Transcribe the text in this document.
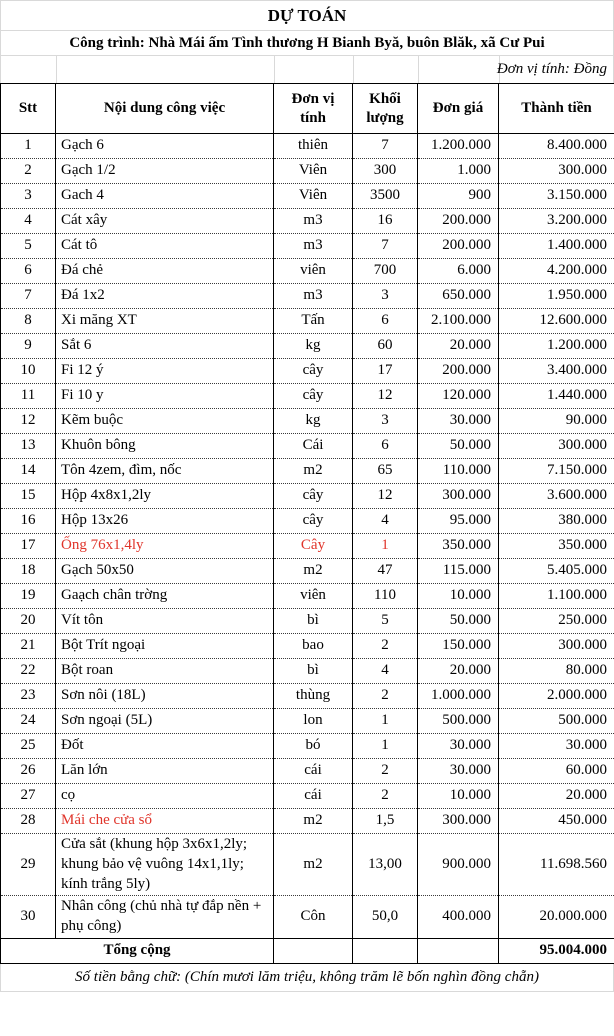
DỰ TOÁN
Công trình: Nhà Mái ấm Tình thương H Bianh Byă, buôn Blăk, xã Cư Pui
Đơn vị tính: Đồng
Stt	Nội dung công việc	Đơn vị tính	Khối lượng	Đơn giá	Thành tiền
1	Gạch 6	thiên	7	1.200.000	8.400.000
2	Gạch 1/2	Viên	300	1.000	300.000
3	Gach 4	Viên	3500	900	3.150.000
4	Cát xây	m3	16	200.000	3.200.000
5	Cát tô	m3	7	200.000	1.400.000
6	Đá chẻ	viên	700	6.000	4.200.000
7	Đá 1x2	m3	3	650.000	1.950.000
8	Xi măng XT	Tấn	6	2.100.000	12.600.000
9	Sắt 6	kg	60	20.000	1.200.000
10	Fi 12 ý	cây	17	200.000	3.400.000
11	Fi 10 y	cây	12	120.000	1.440.000
12	Kẽm buộc	kg	3	30.000	90.000
13	Khuôn bông	Cái	6	50.000	300.000
14	Tôn 4zem, đìm, nốc	m2	65	110.000	7.150.000
15	Hộp 4x8x1,2ly	cây	12	300.000	3.600.000
16	Hộp 13x26	cây	4	95.000	380.000
17	Ống 76x1,4ly	Cây	1	350.000	350.000
18	Gạch 50x50	m2	47	115.000	5.405.000
19	Gaạch chân trờng	viên	110	10.000	1.100.000
20	Vít tôn	bì	5	50.000	250.000
21	Bột Trít ngoại	bao	2	150.000	300.000
22	Bột roan	bì	4	20.000	80.000
23	Sơn nôi (18L)	thùng	2	1.000.000	2.000.000
24	Sơn ngoại (5L)	lon	1	500.000	500.000
25	Đốt	bó	1	30.000	30.000
26	Lăn lớn	cái	2	30.000	60.000
27	cọ	cái	2	10.000	20.000
28	Mái che cửa sổ	m2	1,5	300.000	450.000
29	Cửa sắt (khung hộp 3x6x1,2ly; khung bảo vệ vuông 14x1,1ly; kính trắng 5ly)	m2	13,00	900.000	11.698.560
30	Nhân công (chủ nhà tự đắp nền + phụ công)	Côn	50,0	400.000	20.000.000
Tổng cộng					95.004.000
Số tiền bằng chữ: (Chín mươi lăm triệu, không trăm lẽ bốn nghìn đồng chẵn)
